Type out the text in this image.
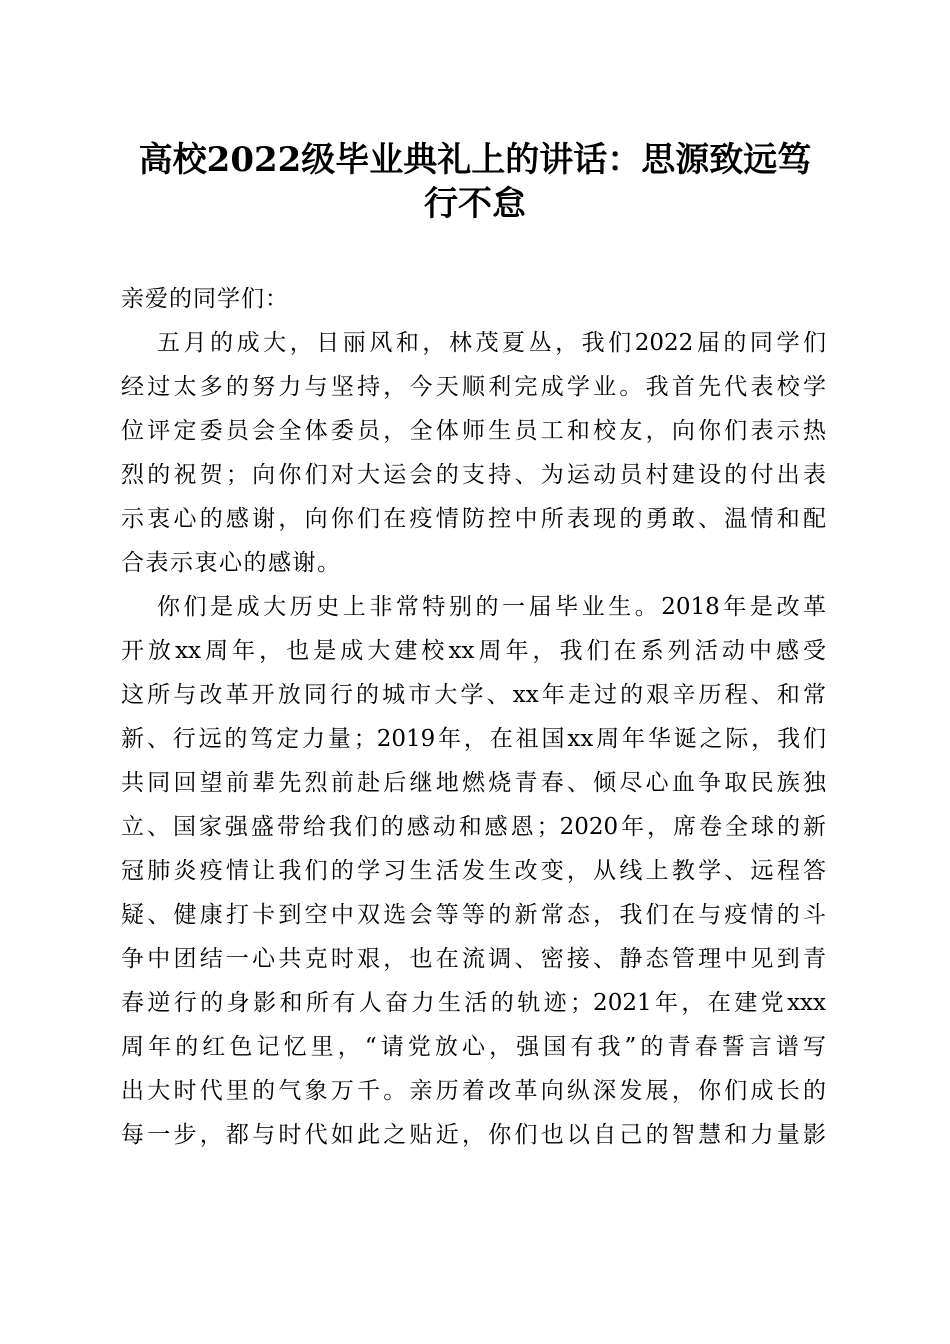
高校2022级毕业典礼上的讲话：思源致远笃
行不怠
亲爱的同学们：
五月的成大，日丽风和，林茂夏丛，我们2022届的同学们
经过太多的努力与坚持，今天顺利完成学业。我首先代表校学
位评定委员会全体委员，全体师生员工和校友，向你们表示热
烈的祝贺；向你们对大运会的支持、为运动员村建设的付出表
示衷心的感谢，向你们在疫情防控中所表现的勇敢、温情和配
合表示衷心的感谢。
你们是成大历史上非常特别的一届毕业生。2018年是改革
开放xx周年，也是成大建校xx周年，我们在系列活动中感受
这所与改革开放同行的城市大学、xx年走过的艰辛历程、和常
新、行远的笃定力量；2019年，在祖国xx周年华诞之际，我们
共同回望前辈先烈前赴后继地燃烧青春、倾尽心血争取民族独
立、国家强盛带给我们的感动和感恩；2020年，席卷全球的新
冠肺炎疫情让我们的学习生活发生改变，从线上教学、远程答
疑、健康打卡到空中双选会等等的新常态，我们在与疫情的斗
争中团结一心共克时艰，也在流调、密接、静态管理中见到青
春逆行的身影和所有人奋力生活的轨迹；2021年，在建党xxx
周年的红色记忆里，“请党放心，强国有我”的青春誓言谱写
出大时代里的气象万千。亲历着改革向纵深发展，你们成长的
每一步，都与时代如此之贴近，你们也以自己的智慧和力量影
